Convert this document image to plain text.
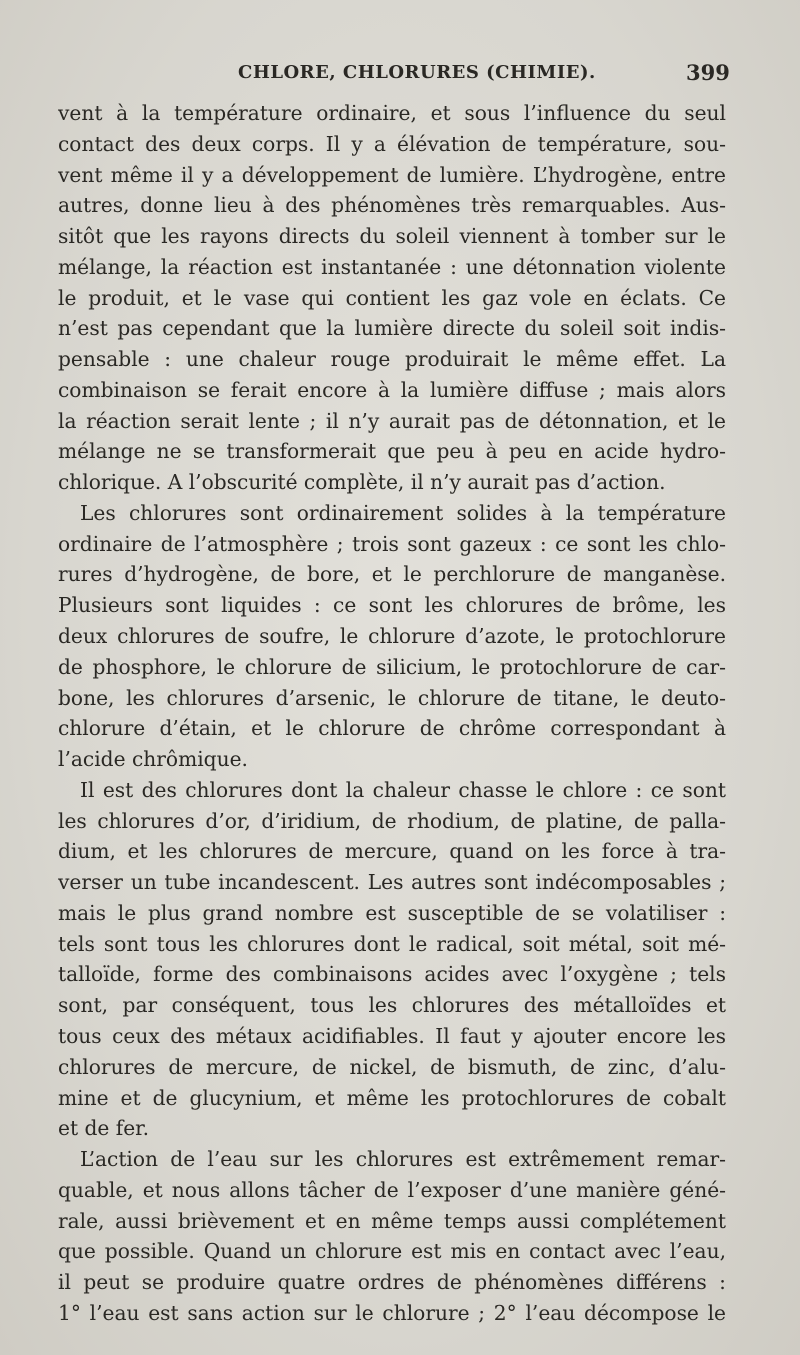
CHLORE, CHLORURES (CHIMIE).	399
vent à la température ordinaire, et sous l’influence du seul
contact des deux corps. Il y a élévation de température, sou-
vent même il y a développement de lumière. L’hydrogène, entre
autres, donne lieu à des phénomènes très remarquables. Aus-
sitôt que les rayons directs du soleil viennent à tomber sur le
mélange, la réaction est instantanée : une détonnation violente
le produit, et le vase qui contient les gaz vole en éclats. Ce
n’est pas cependant que la lumière directe du soleil soit indis-
pensable : une chaleur rouge produirait le même effet. La
combinaison se ferait encore à la lumière diffuse ; mais alors
la réaction serait lente ; il n’y aurait pas de détonnation, et le
mélange ne se transformerait que peu à peu en acide hydro-
chlorique. A l’obscurité complète, il n’y aurait pas d’action.
Les chlorures sont ordinairement solides à la température
ordinaire de l’atmosphère ; trois sont gazeux : ce sont les chlo-
rures d’hydrogène, de bore, et le perchlorure de manganèse.
Plusieurs sont liquides : ce sont les chlorures de brôme, les
deux chlorures de soufre, le chlorure d’azote, le protochlorure
de phosphore, le chlorure de silicium, le protochlorure de car-
bone, les chlorures d’arsenic, le chlorure de titane, le deuto-
chlorure d’étain, et le chlorure de chrôme correspondant à
l’acide chrômique.
Il est des chlorures dont la chaleur chasse le chlore : ce sont
les chlorures d’or, d’iridium, de rhodium, de platine, de palla-
dium, et les chlorures de mercure, quand on les force à tra-
verser un tube incandescent. Les autres sont indécomposables ;
mais le plus grand nombre est susceptible de se volatiliser :
tels sont tous les chlorures dont le radical, soit métal, soit mé-
talloïde, forme des combinaisons acides avec l’oxygène ; tels
sont, par conséquent, tous les chlorures des métalloïdes et
tous ceux des métaux acidifiables. Il faut y ajouter encore les
chlorures de mercure, de nickel, de bismuth, de zinc, d’alu-
mine et de glucynium, et même les protochlorures de cobalt
et de fer.
L’action de l’eau sur les chlorures est extrêmement remar-
quable, et nous allons tâcher de l’exposer d’une manière géné-
rale, aussi brièvement et en même temps aussi complétement
que possible. Quand un chlorure est mis en contact avec l’eau,
il peut se produire quatre ordres de phénomènes différens :
1° l’eau est sans action sur le chlorure ; 2° l’eau décompose le
